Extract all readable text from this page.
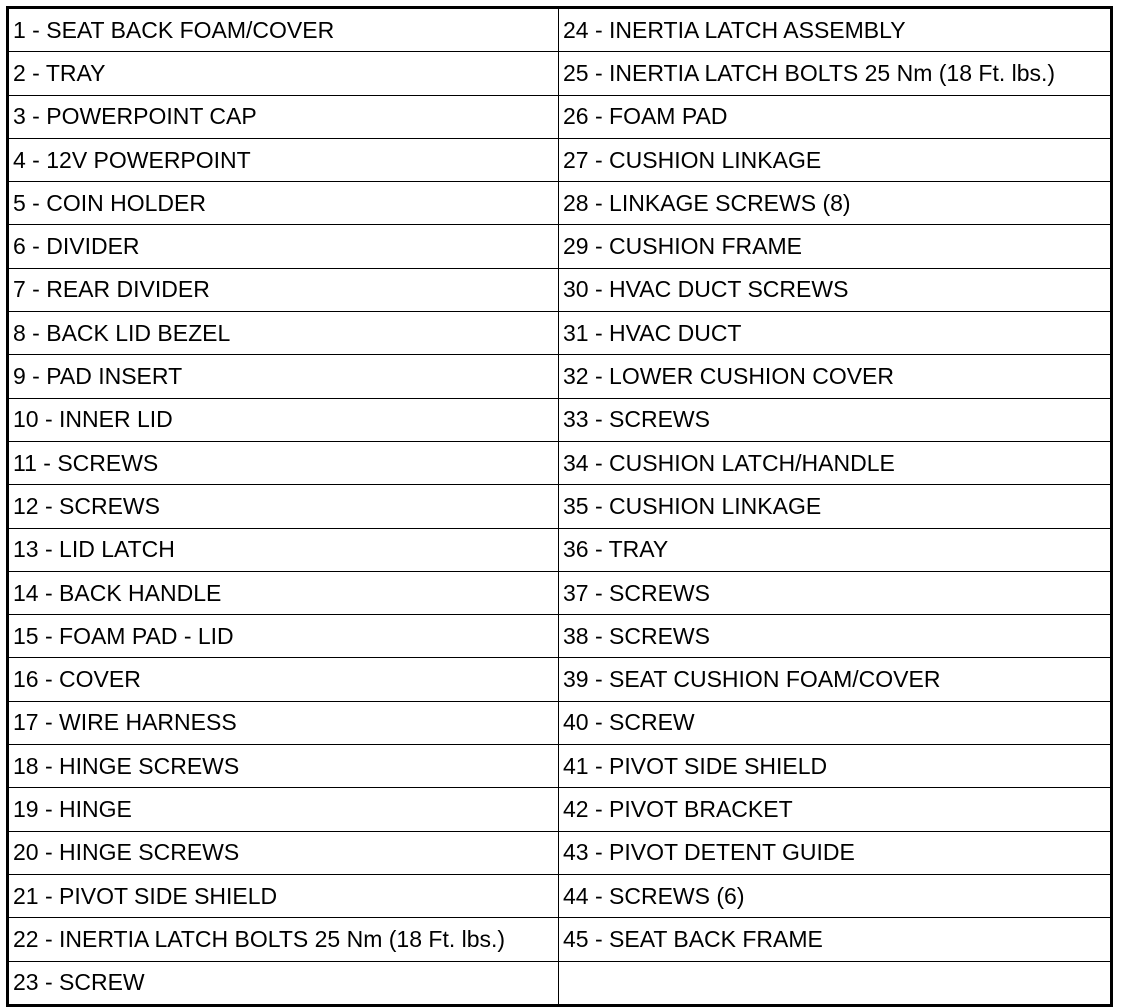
1 - SEAT BACK FOAM/COVER	24 - INERTIA LATCH ASSEMBLY
2 - TRAY	25 - INERTIA LATCH BOLTS 25 Nm (18 Ft. lbs.)
3 - POWERPOINT CAP	26 - FOAM PAD
4 - 12V POWERPOINT	27 - CUSHION LINKAGE
5 - COIN HOLDER	28 - LINKAGE SCREWS (8)
6 - DIVIDER	29 - CUSHION FRAME
7 - REAR DIVIDER	30 - HVAC DUCT SCREWS
8 - BACK LID BEZEL	31 - HVAC DUCT
9 - PAD INSERT	32 - LOWER CUSHION COVER
10 - INNER LID	33 - SCREWS
11 - SCREWS	34 - CUSHION LATCH/HANDLE
12 - SCREWS	35 - CUSHION LINKAGE
13 - LID LATCH	36 - TRAY
14 - BACK HANDLE	37 - SCREWS
15 - FOAM PAD - LID	38 - SCREWS
16 - COVER	39 - SEAT CUSHION FOAM/COVER
17 - WIRE HARNESS	40 - SCREW
18 - HINGE SCREWS	41 - PIVOT SIDE SHIELD
19 - HINGE	42 - PIVOT BRACKET
20 - HINGE SCREWS	43 - PIVOT DETENT GUIDE
21 - PIVOT SIDE SHIELD	44 - SCREWS (6)
22 - INERTIA LATCH BOLTS 25 Nm (18 Ft. lbs.)	45 - SEAT BACK FRAME
23 - SCREW	
